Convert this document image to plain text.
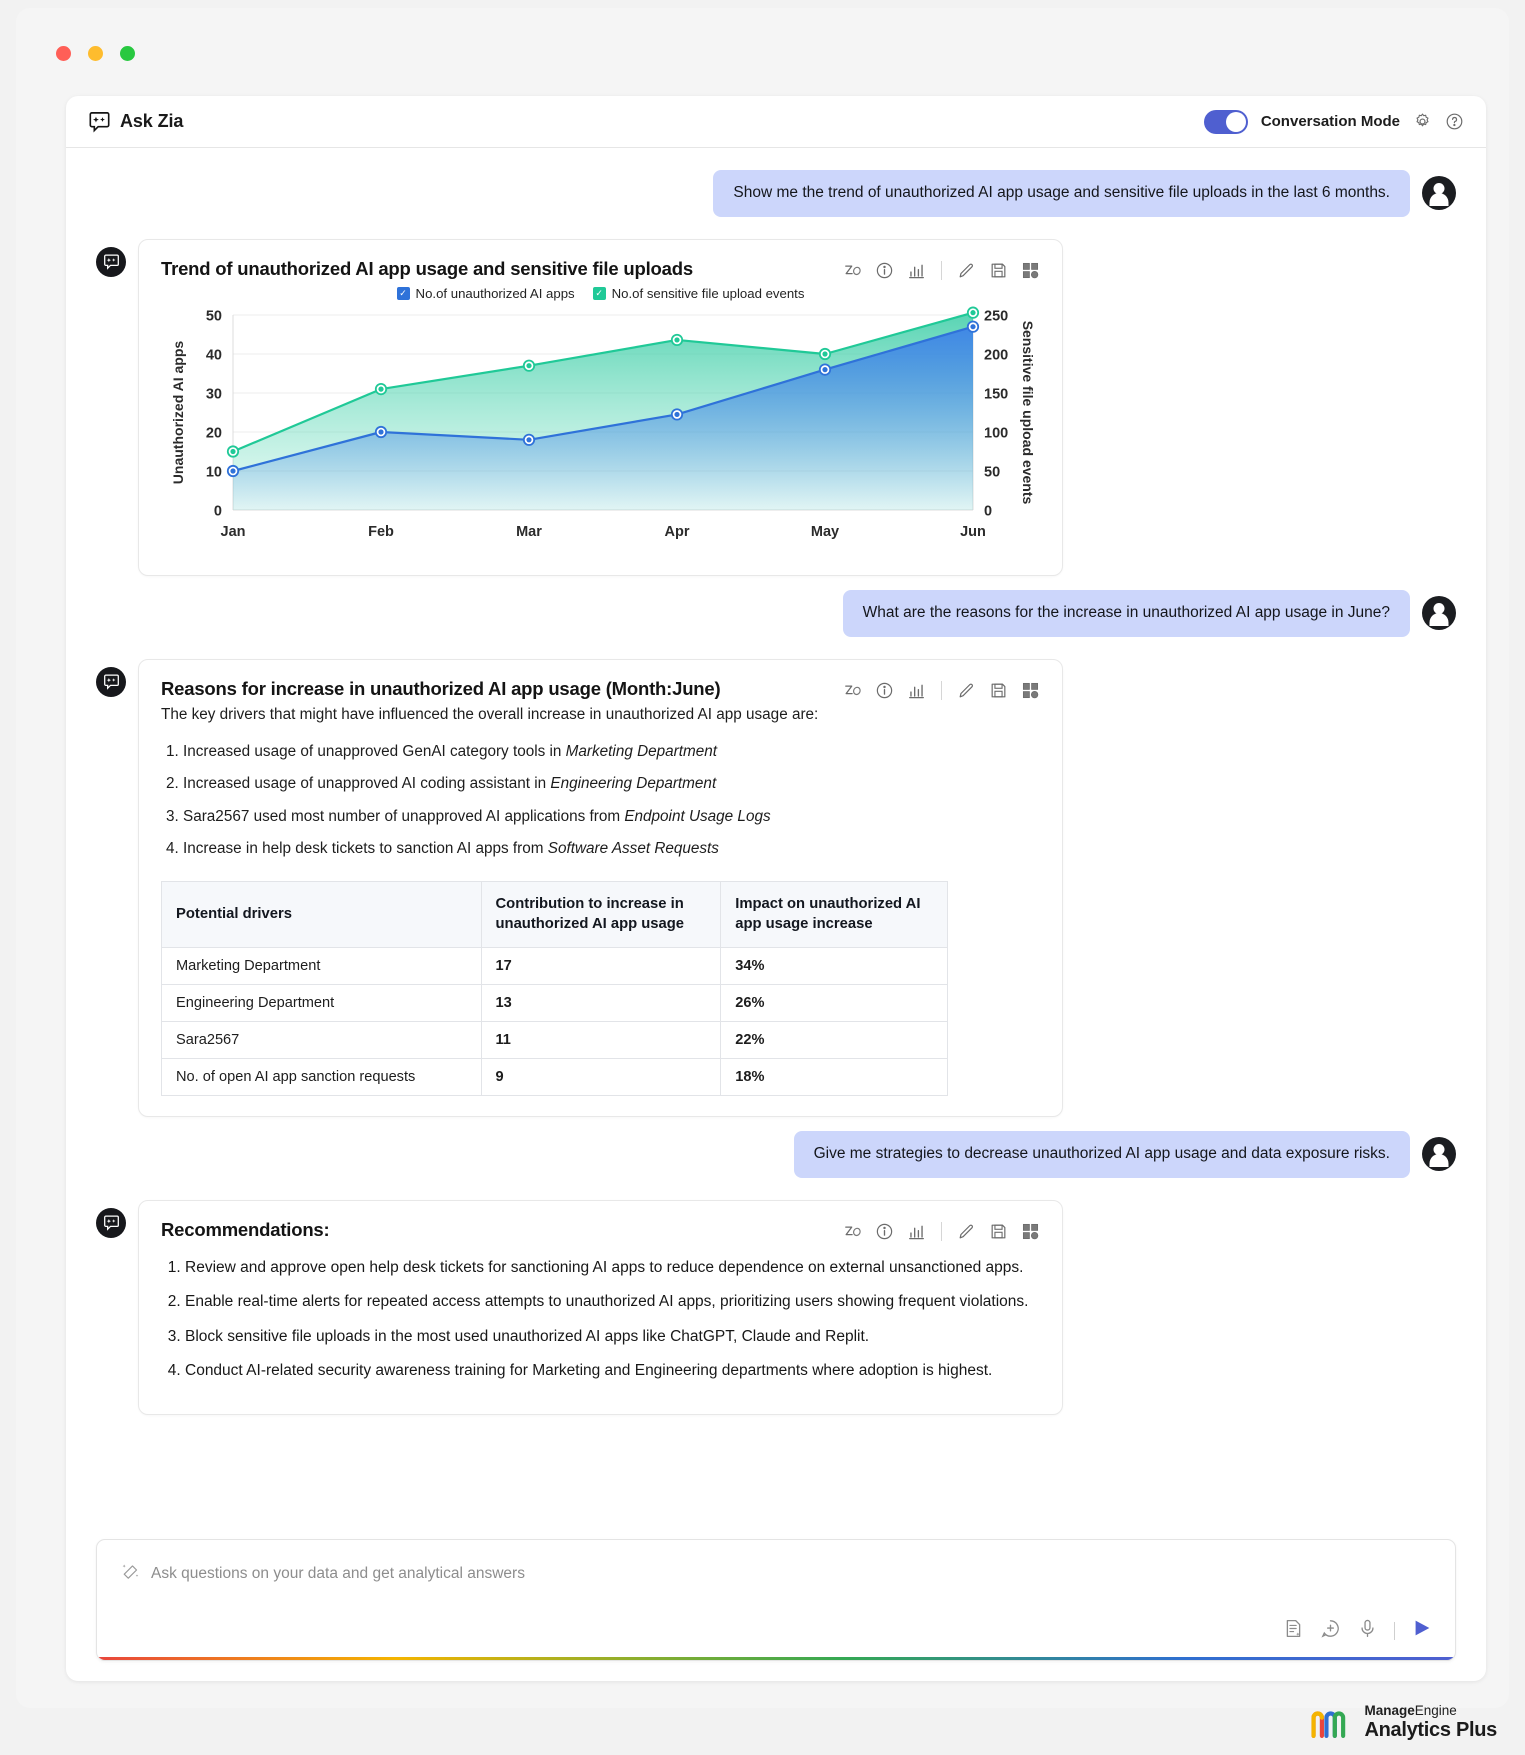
Ask Zia	Conversation Mode
Show me the trend of unauthorized AI app usage and sensitive file uploads in the last 6 months.
Trend of unauthorized AI app usage and sensitive file uploads
✓ No.of unauthorized AI apps	✓ No.of sensitive file upload events
0
10
20
30
40
50
0
50
100
150
200
250
Jan	Feb	Mar	Apr	May	Jun
Unauthorized AI apps	Sensitive file upload events
What are the reasons for the increase in unauthorized AI app usage in June?
Reasons for increase in unauthorized AI app usage (Month:June)
The key drivers that might have influenced the overall increase in unauthorized AI app usage are:
1. Increased usage of unapproved GenAI category tools in Marketing Department
2. Increased usage of unapproved AI coding assistant in Engineering Department
3. Sara2567 used most number of unapproved AI applications from Endpoint Usage Logs
4. Increase in help desk tickets to sanction AI apps from Software Asset Requests
Potential drivers	Contribution to increase in unauthorized AI app usage	Impact on unauthorized AI app usage increase
Marketing Department	17	34%
Engineering Department	13	26%
Sara2567	11	22%
No. of open AI app sanction requests	9	18%
Give me strategies to decrease unauthorized AI app usage and data exposure risks.
Recommendations:
1. Review and approve open help desk tickets for sanctioning AI apps to reduce dependence on external unsanctioned apps.
2. Enable real-time alerts for repeated access attempts to unauthorized AI apps, prioritizing users showing frequent violations.
3. Block sensitive file uploads in the most used unauthorized AI apps like ChatGPT, Claude and Replit.
4. Conduct AI-related security awareness training for Marketing and Engineering departments where adoption is highest.
Ask questions on your data and get analytical answers
ManageEngine
Analytics Plus
